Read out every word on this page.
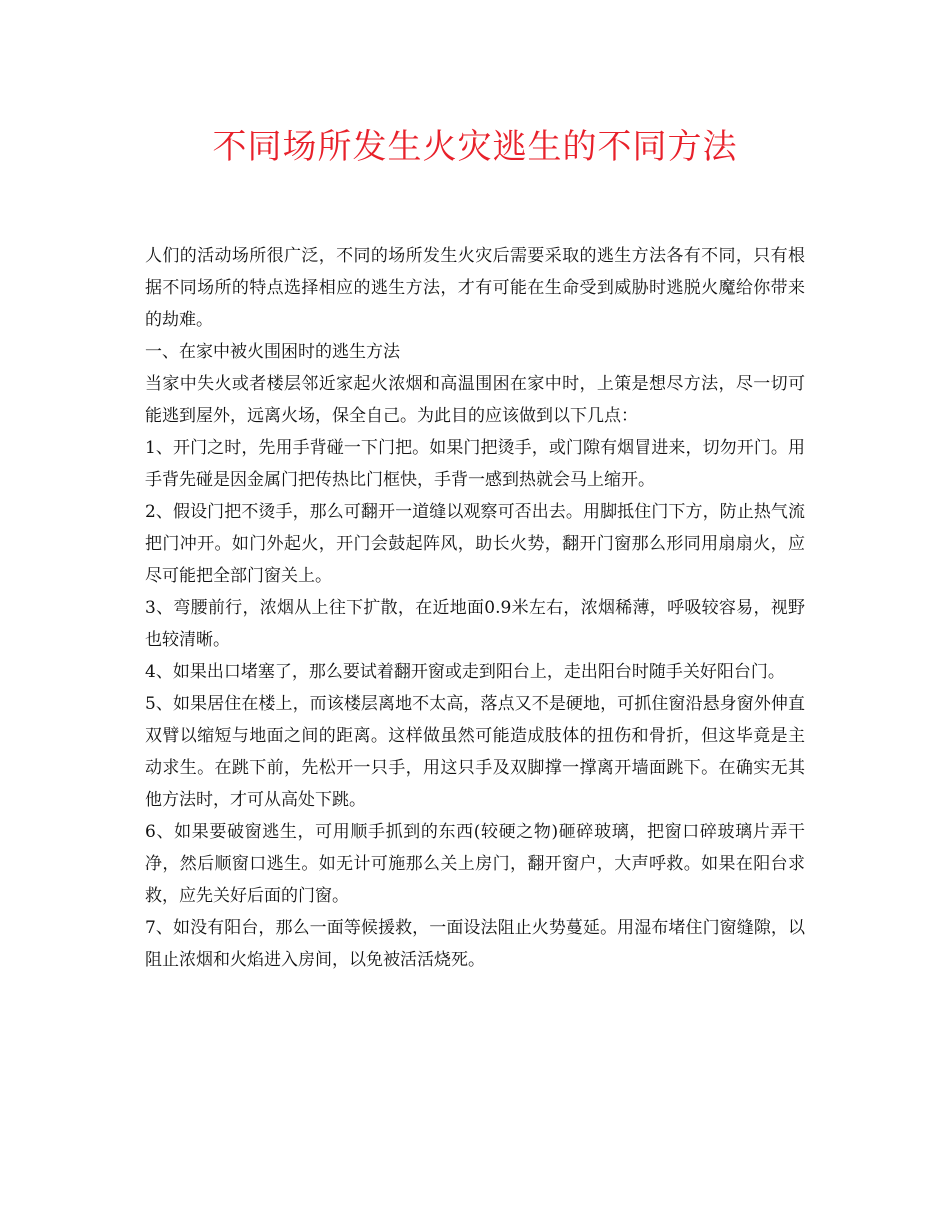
不同场所发生火灾逃生的不同方法

人们的活动场所很广泛，不同的场所发生火灾后需要采取的逃生方法各有不同，只有根据不同场所的特点选择相应的逃生方法，才有可能在生命受到威胁时逃脱火魔给你带来的劫难。

一、在家中被火围困时的逃生方法

当家中失火或者楼层邻近家起火浓烟和高温围困在家中时，上策是想尽方法，尽一切可能逃到屋外，远离火场，保全自己。为此目的应该做到以下几点：

1、开门之时，先用手背碰一下门把。如果门把烫手，或门隙有烟冒进来，切勿开门。用手背先碰是因金属门把传热比门框快，手背一感到热就会马上缩开。

2、假设门把不烫手，那么可翻开一道缝以观察可否出去。用脚抵住门下方，防止热气流把门冲开。如门外起火，开门会鼓起阵风，助长火势，翻开门窗那么形同用扇扇火，应尽可能把全部门窗关上。

3、弯腰前行，浓烟从上往下扩散，在近地面0.9米左右，浓烟稀薄，呼吸较容易，视野也较清晰。

4、如果出口堵塞了，那么要试着翻开窗或走到阳台上，走出阳台时随手关好阳台门。

5、如果居住在楼上，而该楼层离地不太高，落点又不是硬地，可抓住窗沿悬身窗外伸直双臂以缩短与地面之间的距离。这样做虽然可能造成肢体的扭伤和骨折，但这毕竟是主动求生。在跳下前，先松开一只手，用这只手及双脚撑一撑离开墙面跳下。在确实无其他方法时，才可从高处下跳。

6、如果要破窗逃生，可用顺手抓到的东西(较硬之物)砸碎玻璃，把窗口碎玻璃片弄干净，然后顺窗口逃生。如无计可施那么关上房门，翻开窗户，大声呼救。如果在阳台求救，应先关好后面的门窗。

7、如没有阳台，那么一面等候援救，一面设法阻止火势蔓延。用湿布堵住门窗缝隙，以阻止浓烟和火焰进入房间，以免被活活烧死。
